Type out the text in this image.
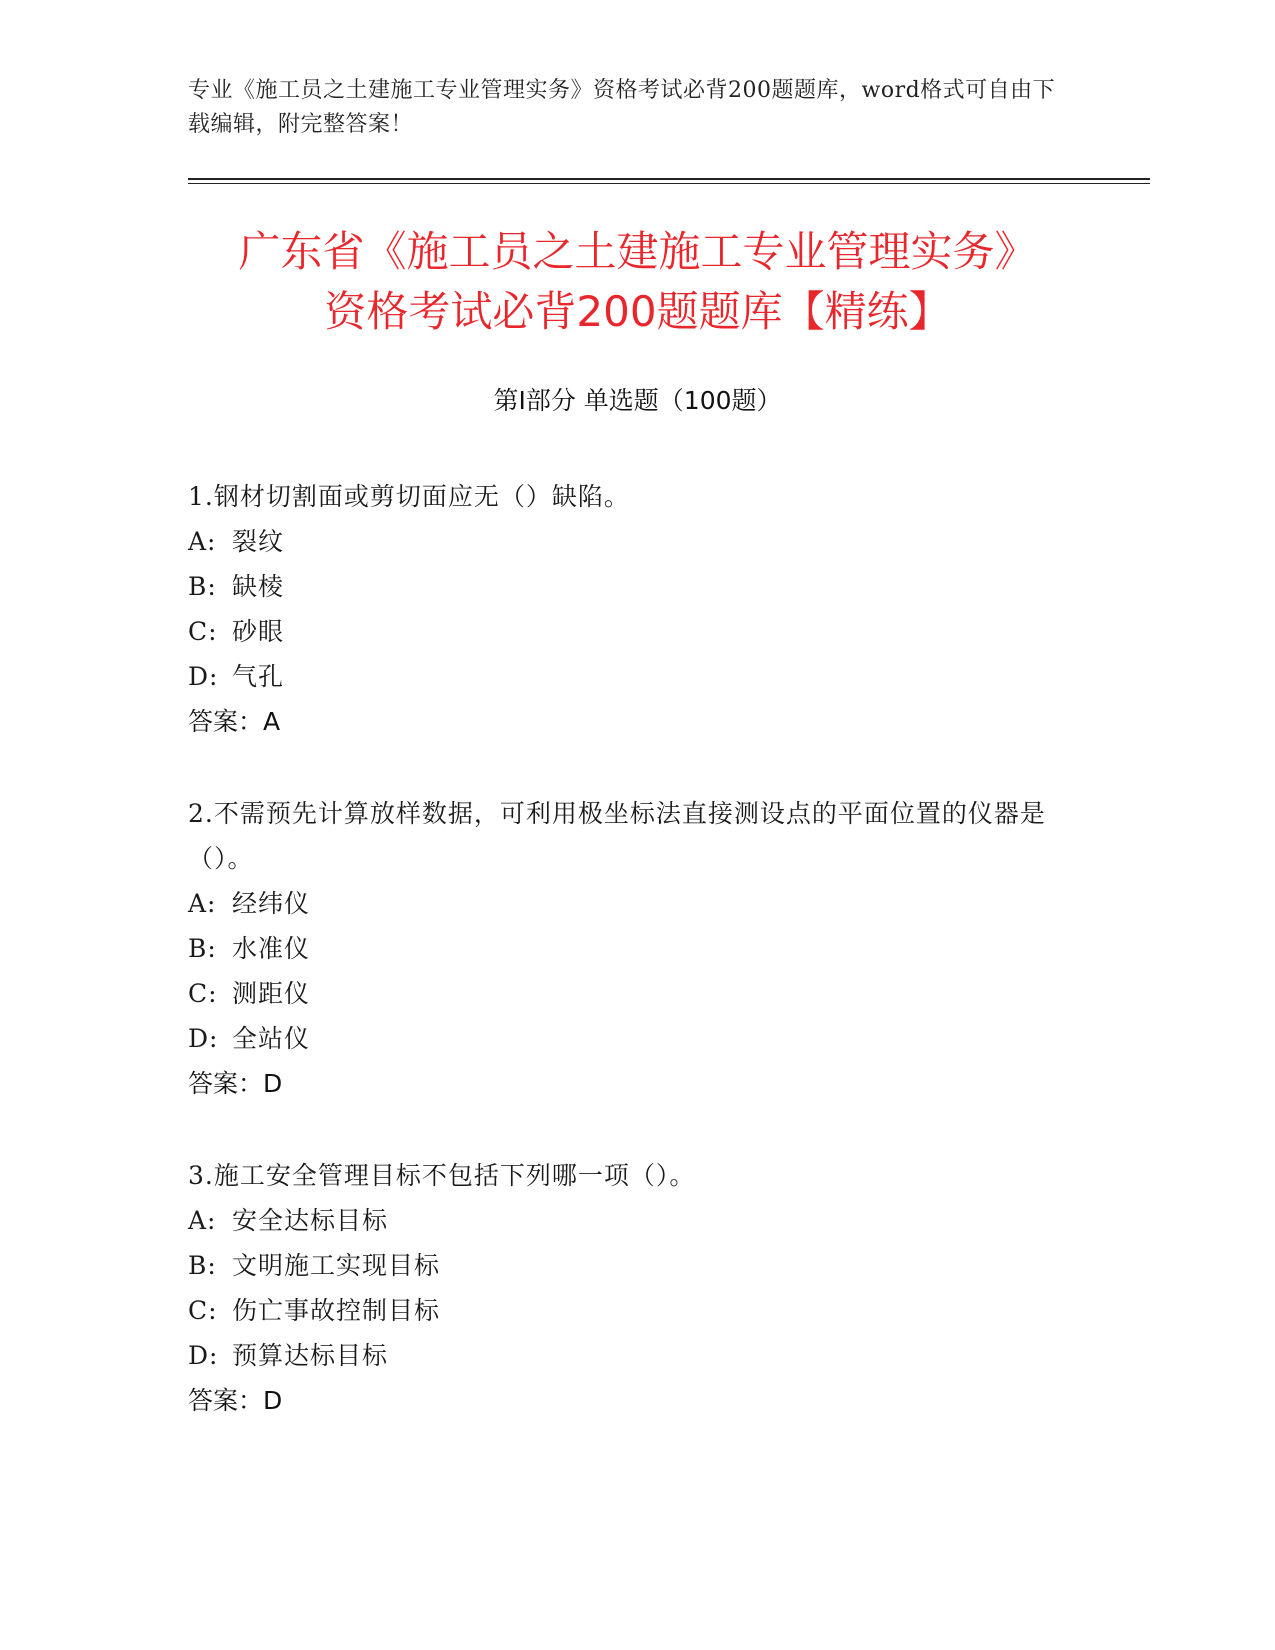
专业《施工员之土建施工专业管理实务》资格考试必背200题题库，word格式可自由下载编辑，附完整答案！
广东省《施工员之土建施工专业管理实务》
资格考试必背200题题库【精练】
第Ⅰ部分 单选题（100题）
1.钢材切割面或剪切面应无（）缺陷。
A: 裂纹
B: 缺棱
C: 砂眼
D: 气孔
答案：A
2.不需预先计算放样数据，可利用极坐标法直接测设点的平面位置的仪器是（）。
A: 经纬仪
B: 水准仪
C: 测距仪
D: 全站仪
答案：D
3.施工安全管理目标不包括下列哪一项（）。
A: 安全达标目标
B: 文明施工实现目标
C: 伤亡事故控制目标
D: 预算达标目标
答案：D
